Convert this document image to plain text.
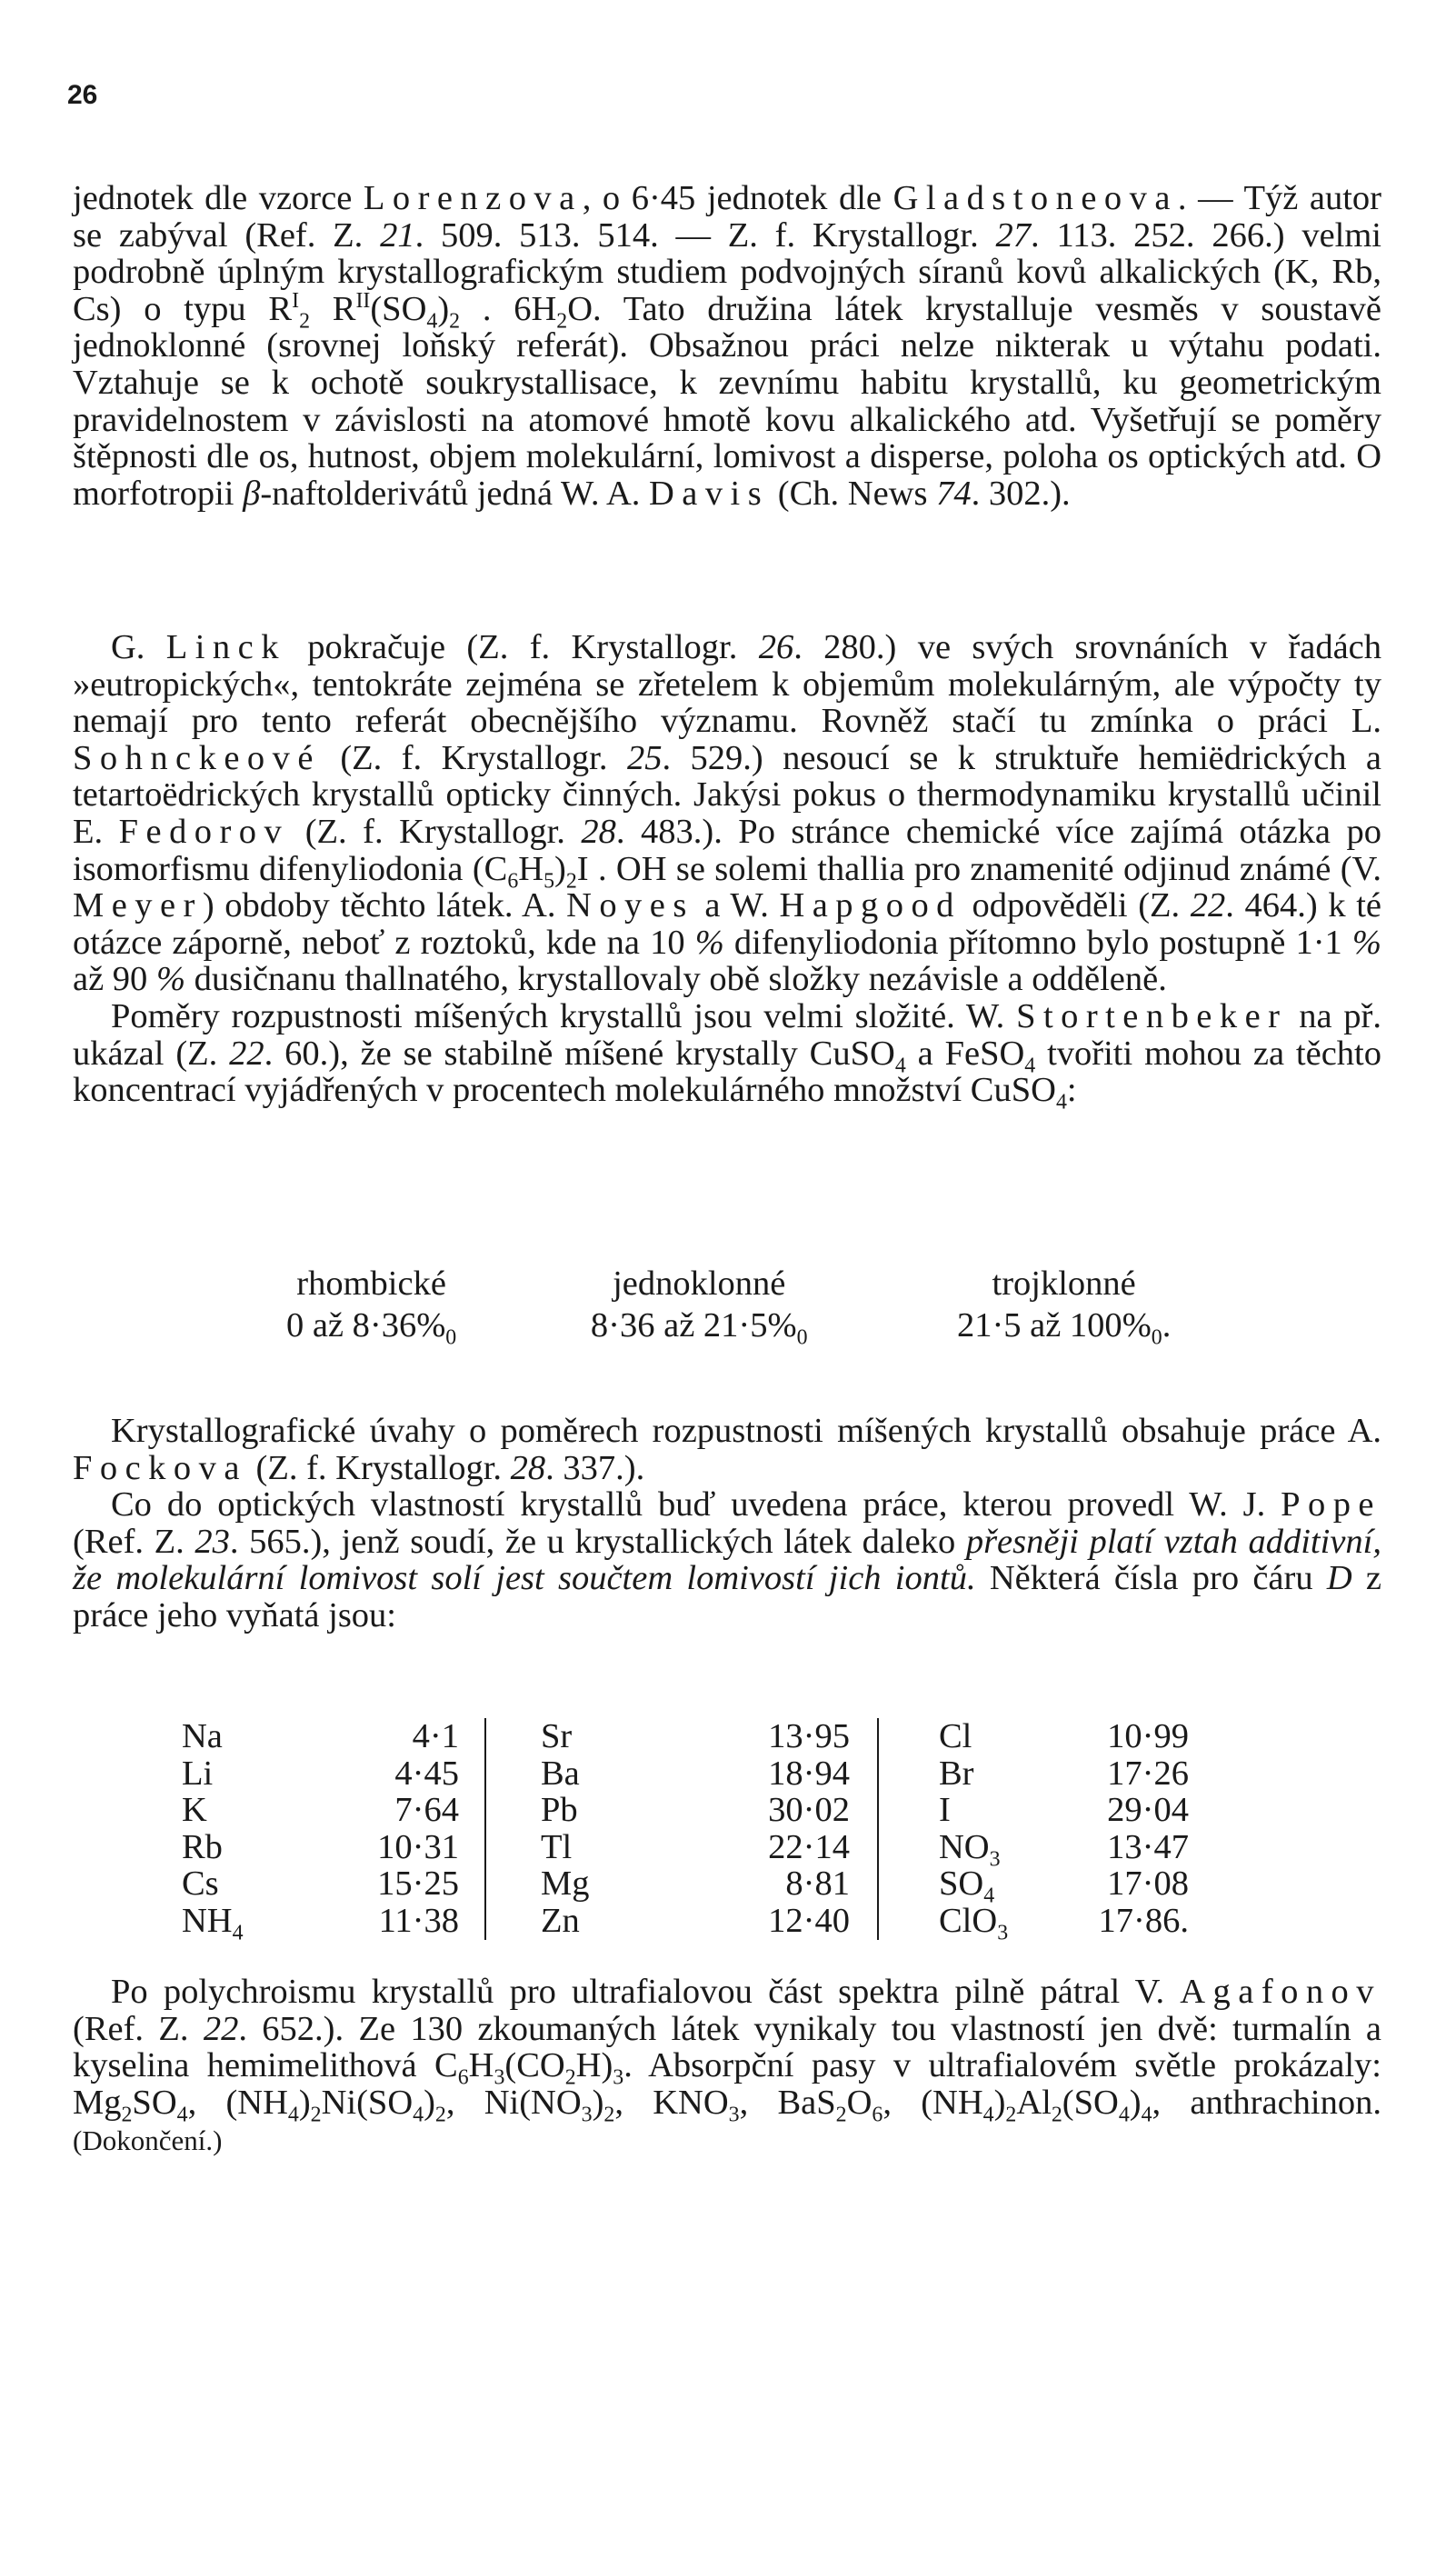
26

jednotek dle vzorce Lorenzova, o 6·45 jednotek dle Gladstoneova. — Týž autor se zabýval (Ref. Z. 21. 509. 513. 514. — Z. f. Krystallogr. 27. 113. 252. 266.) velmi podrobně úplným krystallografickým studiem podvojných síranů kovů alkalických (K, Rb, Cs) o typu $R^I_2$ $R^{II}(SO_4)_2$ . $6H_2O$. Tato družina látek krystalluje vesměs v soustavě jednoklonné (srovnej loňský referát). Obsažnou práci nelze nikterak u výtahu podati. Vztahuje se k ochotě soukrystallisace, k zevnímu habitu krystallů, ku geometrickým pravidelnostem v závislosti na atomové hmotě kovu alkalického atd. Vyšetřují se poměry štěpnosti dle os, hutnost, objem molekulární, lomivost a disperse, poloha os optických atd. O morfotropii β-naftolderivátů jedná W. A. Davis (Ch. News 74. 302.).

G. Linck pokračuje (Z. f. Krystallogr. 26. 280.) ve svých srovnáních v řadách »eutropických«, tentokráte zejména se zřetelem k objemům molekulárným, ale výpočty ty nemají pro tento referát obecnějšího významu. Rovněž stačí tu zmínka o práci L. Sohnckeové (Z. f. Krystallogr. 25. 529.) nesoucí se k struktuře hemiëdrických a tetartoëdrických krystallů opticky činných. Jakýsi pokus o thermodynamiku krystallů učinil E. Fedorov (Z. f. Krystallogr. 28. 483.). Po stránce chemické více zajímá otázka po isomorfismu difenyliodonia $(C_6H_5)_2I$ . OH se solemi thallia pro znamenité odjinud známé (V. Meyer) obdoby těchto látek. A. Noyes a W. Hapgood odpověděli (Z. 22. 464.) k té otázce záporně, neboť z roztoků, kde na 10 % difenyliodonia přítomno bylo postupně 1·1 % až 90 % dusičnanu thallnatého, krystallovaly obě složky nezávisle a odděleně.

Poměry rozpustnosti míšených krystallů jsou velmi složité. W. Stortenbeker na př. ukázal (Z. 22. 60.), že se stabilně míšené krystally CuSO$_4$ a FeSO$_4$ tvořiti mohou za těchto koncentrací vyjádřených v procentech molekulárného množství CuSO$_4$:

rhombické	jednoklonné	trojklonné
0 až $8\cdot 36\%_0$	8·36 až $21\cdot 5\%_0$	21·5 až $100\%_0$.

Krystallografické úvahy o poměrech rozpustnosti míšených krystallů obsahuje práce A. Fockova (Z. f. Krystallogr. 28. 337.).

Co do optických vlastností krystallů buď uvedena práce, kterou provedl W. J. Pope (Ref. Z. 23. 565.), jenž soudí, že u krystallických látek daleko přesněji platí vztah additivní, že molekulární lomivost solí jest součtem lomivostí jich iontů. Některá čísla pro čáru D z práce jeho vyňatá jsou:

Na	4·1	Sr	13·95	Cl	10·99
Li	4·45	Ba	18·94	Br	17·26
K	7·64	Pb	30·02	I	29·04
Rb	10·31	Tl	22·14	$NO_3$	13·47
Cs	15·25	Mg	8·81	$SO_4$	17·08
$NH_4$	11·38	Zn	12·40	ClO$_3$	17·86.

Po polychroismu krystallů pro ultrafialovou část spektra pilně pátral V. Agafonov (Ref. Z. 22. 652.). Ze 130 zkoumaných látek vynikaly tou vlastností jen dvě: turmalín a kyselina hemimelithová $C_6H_3(CO_2H)_3$. Absorpční pasy v ultrafialovém světle prokázaly: $Mg_2SO_4$, $(NH_4)_2Ni(SO_4)_2$, $Ni(NO_3)_2$, $KNO_3$, $BaS_2O_6$, $(NH_4)_2Al_2(SO_4)_4$, anthrachinon. (Dokončení.)
